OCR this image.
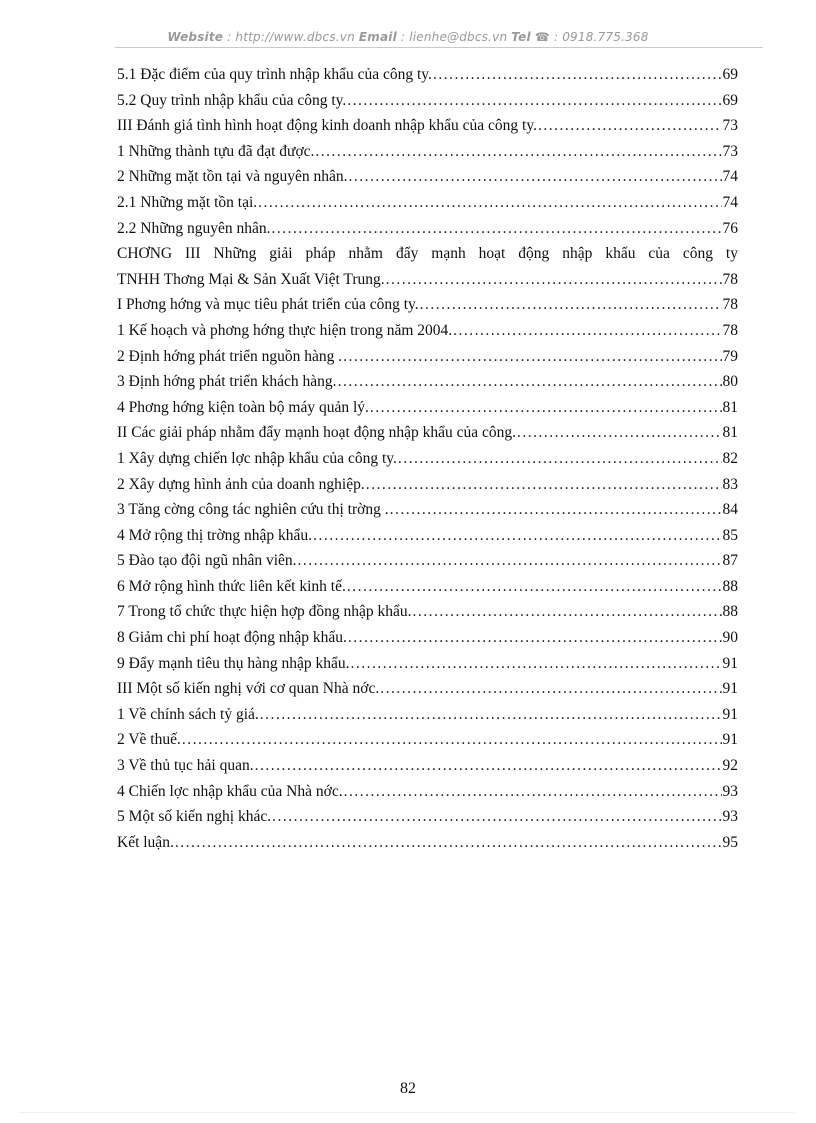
Website : http://www.dbcs.vn Email : lienhe@dbcs.vn Tel ☎ : 0918.775.368
5.1 Đặc điểm của quy trình nhập khẩu của công ty. .....	69
5.2 Quy trình nhập khẩu của công ty. .....	69
III Đánh giá tình hình hoạt động kinh doanh nhập khẩu của công ty. .....	73
1 Những thành tựu đã đạt được. .....	73
2 Những mặt tồn tại và nguyên nhân. .....	74
2.1 Những mặt tồn tại. .....	74
2.2 Những nguyên nhân. .....	76
CHƠNG III Những giải pháp nhằm đẩy mạnh hoạt động nhập khẩu của công ty
TNHH Thơng Mại & Sản Xuất Việt Trung. .....	78
I Phơng hớng và mục tiêu phát triển của công ty. .....	78
1 Kế hoạch và phơng hớng thực hiện trong năm 2004. .....	78
2 Định hớng phát triển nguồn hàng . .....	79
3 Định hớng phát triển khách hàng. .....	80
4 Phơng hớng kiện toàn bộ máy quản lý. .....	81
II Các giải pháp nhằm đẩy mạnh hoạt động nhập khẩu của công. .....	81
1 Xây dựng chiến lợc nhập khẩu của công ty. .....	82
2 Xây dựng hình ảnh của doanh nghiệp. .....	83
3 Tăng cờng công tác nghiên cứu thị trờng . .....	84
4 Mở rộng thị trờng nhập khẩu. .....	85
5 Đào tạo đội ngũ nhân viên. .....	87
6 Mở rộng hình thức liên kết kinh tế. .....	88
7 Trong tổ chức thực hiện hợp đồng nhập khẩu. .....	88
8 Giảm chi phí hoạt động nhập khẩu. .....	90
9 Đẩy mạnh tiêu thụ hàng nhập khẩu. .....	91
III Một số kiến nghị với cơ quan Nhà nớc. .....	91
1 Về chính sách tỷ giá. .....	91
2 Về thuế. .....	91
3 Về thủ tục hải quan. .....	92
4 Chiến lợc nhập khẩu của Nhà nớc. .....	93
5 Một số kiến nghị khác. .....	93
Kết luận. .....	95
82
